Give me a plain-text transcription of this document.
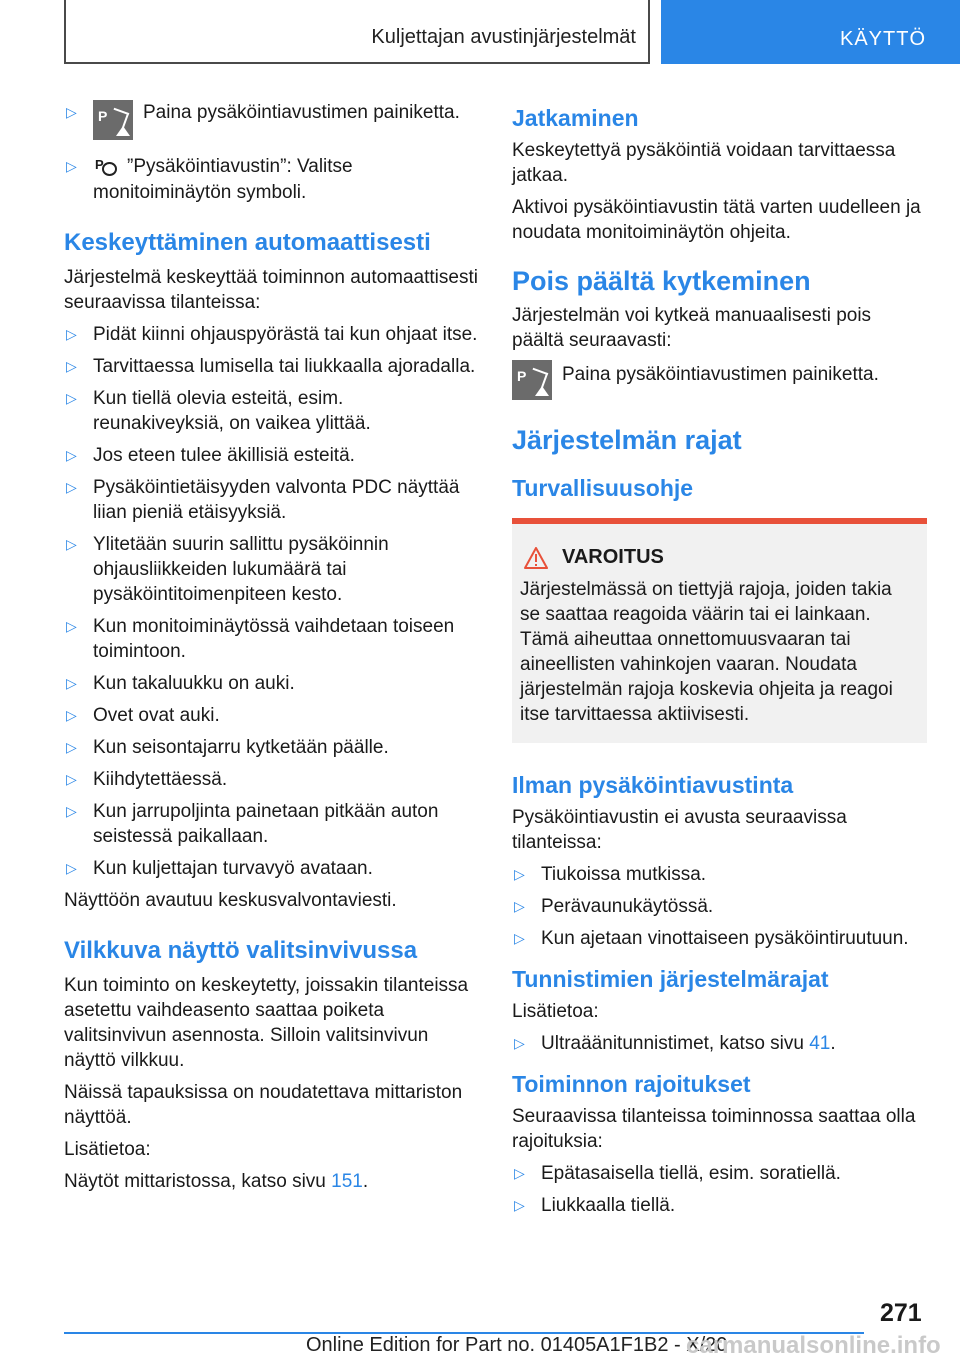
Kuljettajan avustinjärjestelmät	KÄYTTÖ
▷ P Paina pysäköintiavustimen painiketta.
▷ P ”Pysäköintiavustin”: Valitse monitoiminäytön symboli.
Keskeyttäminen automaattisesti

Järjestelmä keskeyttää toiminnon automaattisesti seuraavissa tilanteissa:

▷ Pidät kiinni ohjauspyörästä tai kun ohjaat itse.
▷ Tarvittaessa lumisella tai liukkaalla ajoradalla.
▷ Kun tiellä olevia esteitä, esim. reunakiveyksiä, on vaikea ylittää.
▷ Jos eteen tulee äkillisiä esteitä.
▷ Pysäköintietäisyyden valvonta PDC näyttää liian pieniä etäisyyksiä.
▷ Ylitetään suurin sallittu pysäköinnin ohjausliikkeiden lukumäärä tai pysäköintitoimenpiteen kesto.
▷ Kun monitoiminäytössä vaihdetaan toiseen toimintoon.
▷ Kun takaluukku on auki.
▷ Ovet ovat auki.
▷ Kun seisontajarru kytketään päälle.
▷ Kiihdytettäessä.
▷ Kun jarrupoljinta painetaan pitkään auton seistessä paikallaan.
▷ Kun kuljettajan turvavyö avataan.

Näyttöön avautuu keskusvalvontaviesti.

Vilkkuva näyttö valitsinvivussa

Kun toiminto on keskeytetty, joissakin tilanteissa asetettu vaihdeasento saattaa poiketa valitsinvivun asennosta. Silloin valitsinvivun näyttö vilkkuu.

Näissä tapauksissa on noudatettava mittariston näyttöä.

Lisätietoa:

Näytöt mittaristossa, katso sivu 151.

Jatkaminen

Keskeytettyä pysäköintiä voidaan tarvittaessa jatkaa.

Aktivoi pysäköintiavustin tätä varten uudelleen ja noudata monitoiminäytön ohjeita.

Pois päältä kytkeminen

Järjestelmän voi kytkeä manuaalisesti pois päältä seuraavasti:

P Paina pysäköintiavustimen painiketta.
Järjestelmän rajat
Turvallisuusohje
VAROITUS

Järjestelmässä on tiettyjä rajoja, joiden takia se saattaa reagoida väärin tai ei lainkaan. Tämä aiheuttaa onnettomuusvaaran tai aineellisten vahinkojen vaaran. Noudata järjestelmän rajoja koskevia ohjeita ja reagoi itse tarvittaessa aktiivisesti.

Ilman pysäköintiavustinta

Pysäköintiavustin ei avusta seuraavissa tilanteissa:

▷ Tiukoissa mutkissa.
▷ Perävaunukäytössä.
▷ Kun ajetaan vinottaiseen pysäköintiruutuun.
Tunnistimien järjestelmärajat

Lisätietoa:

▷ Ultraäänitunnistimet, katso sivu 41.
Toiminnon rajoitukset

Seuraavissa tilanteissa toiminnossa saattaa olla rajoituksia:

▷ Epätasaisella tiellä, esim. soratiellä.
▷ Liukkaalla tiellä.
271
Online Edition for Part no. 01405A1F1B2 - X/20
carmanualsonline.info
